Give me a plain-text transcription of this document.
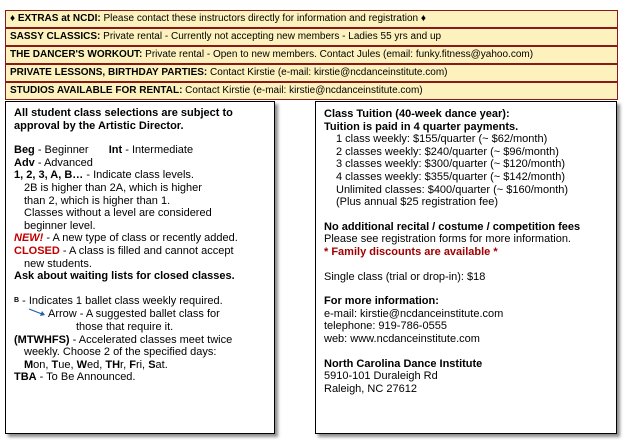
♦ EXTRAS at NCDI: Please contact these instructors directly for information and registration ♦
SASSY CLASSICS: Private rental - Currently not accepting new members - Ladies 55 yrs and up
THE DANCER'S WORKOUT: Private rental - Open to new members. Contact Jules (email: funky.fitness@yahoo.com)
PRIVATE LESSONS, BIRTHDAY PARTIES: Contact Kirstie (e-mail: kirstie@ncdanceinstitute.com)
STUDIOS AVAILABLE FOR RENTAL: Contact Kirstie (e-mail: kirstie@ncdanceinstitute.com)
All student class selections are subject to
approval by the Artistic Director.
Beg - Beginner Int - Intermediate
Adv - Advanced
1, 2, 3, A, B… - Indicate class levels.
2B is higher than 2A, which is higher
than 2, which is higher than 1.
Classes without a level are considered
beginner level.
NEW! - A new type of class or recently added.
CLOSED - A class is filled and cannot accept
new students.
Ask about waiting lists for closed classes.
$^B$ - Indicates 1 ballet class weekly required.
Arrow - A suggested ballet class for
those that require it.
(MTWHFS) - Accelerated classes meet twice
weekly. Choose 2 of the specified days:
Mon, Tue, Wed, THr, Fri, Sat.
TBA - To Be Announced.
Class Tuition (40-week dance year):
Tuition is paid in 4 quarter payments.
1 class weekly: $155/quarter (~ $62/month)
2 classes weekly: $240/quarter (~ $96/month)
3 classes weekly: $300/quarter (~ $120/month)
4 classes weekly: $355/quarter (~ $142/month)
Unlimited classes: $400/quarter (~ $160/month)
(Plus annual $25 registration fee)
No additional recital / costume / competition fees
Please see registration forms for more information.
* Family discounts are available *
Single class (trial or drop-in): $18
For more information:
e-mail: kirstie@ncdanceinstitute.com
telephone: 919-786-0555
web: www.ncdanceinstitute.com
North Carolina Dance Institute
5910-101 Duraleigh Rd
Raleigh, NC 27612
